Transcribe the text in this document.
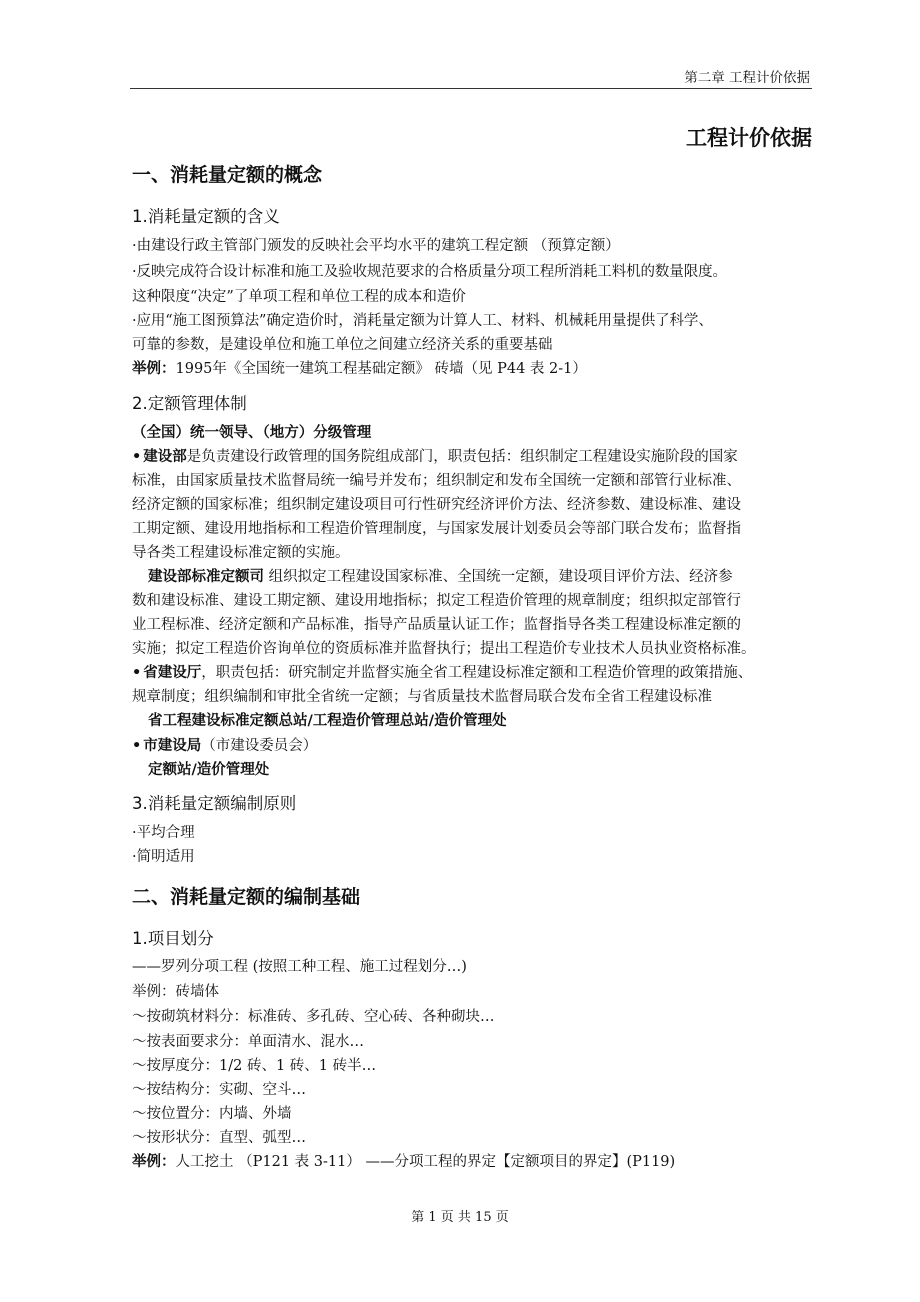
第二章 工程计价依据
工程计价依据
一、消耗量定额的概念
1.消耗量定额的含义
·由建设行政主管部门颁发的反映社会平均水平的建筑工程定额 （预算定额）
·反映完成符合设计标准和施工及验收规范要求的合格质量分项工程所消耗工料机的数量限度。
这种限度“决定”了单项工程和单位工程的成本和造价
·应用“施工图预算法”确定造价时，消耗量定额为计算人工、材料、机械耗用量提供了科学、
可靠的参数，是建设单位和施工单位之间建立经济关系的重要基础
举例：1995年《全国统一建筑工程基础定额》 砖墙（见 P44 表 2-1）
2.定额管理体制
（全国）统一领导、（地方）分级管理
• 建设部是负责建设行政管理的国务院组成部门，职责包括：组织制定工程建设实施阶段的国家
标准，由国家质量技术监督局统一编号并发布；组织制定和发布全国统一定额和部管行业标准、
经济定额的国家标准；组织制定建设项目可行性研究经济评价方法、经济参数、建设标准、建设
工期定额、建设用地指标和工程造价管理制度，与国家发展计划委员会等部门联合发布；监督指
导各类工程建设标准定额的实施。
建设部标准定额司 组织拟定工程建设国家标准、全国统一定额，建设项目评价方法、经济参
数和建设标准、建设工期定额、建设用地指标；拟定工程造价管理的规章制度；组织拟定部管行
业工程标准、经济定额和产品标准，指导产品质量认证工作；监督指导各类工程建设标准定额的
实施；拟定工程造价咨询单位的资质标准并监督执行；提出工程造价专业技术人员执业资格标准。
• 省建设厅，职责包括：研究制定并监督实施全省工程建设标准定额和工程造价管理的政策措施、
规章制度；组织编制和审批全省统一定额；与省质量技术监督局联合发布全省工程建设标准
省工程建设标准定额总站/工程造价管理总站/造价管理处
• 市建设局（市建设委员会）
定额站/造价管理处
3.消耗量定额编制原则
·平均合理
·简明适用
二、消耗量定额的编制基础
1.项目划分
——罗列分项工程 (按照工种工程、施工过程划分…)
举例：砖墙体
～按砌筑材料分：标准砖、多孔砖、空心砖、各种砌块…
～按表面要求分：单面清水、混水…
～按厚度分：1/2 砖、1 砖、1 砖半…
～按结构分：实砌、空斗…
～按位置分：内墙、外墙
～按形状分：直型、弧型…
举例：人工挖土 （P121 表 3-11） ——分项工程的界定【定额项目的界定】(P119)
第 1 页 共 15 页
